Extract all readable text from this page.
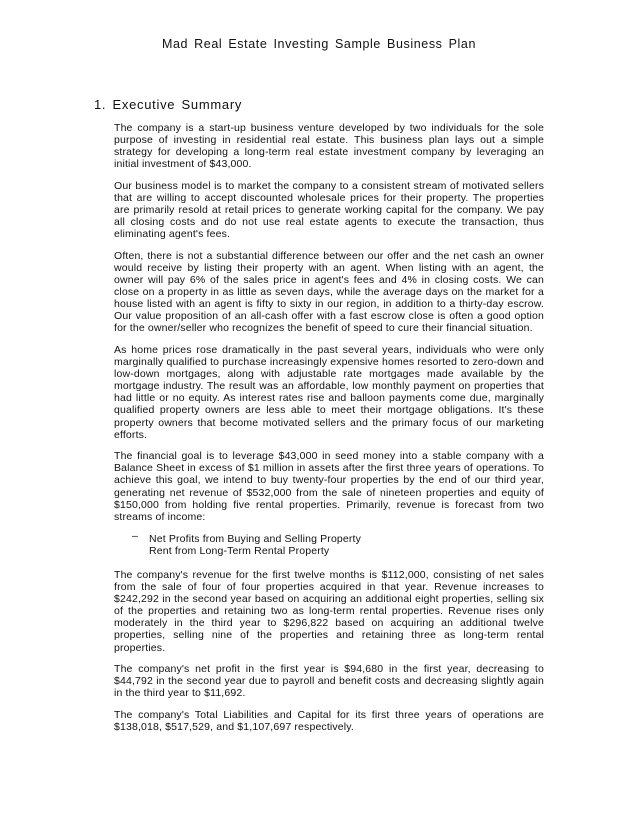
Mad Real Estate Investing Sample Business Plan
1. Executive Summary

The company is a start-up business venture developed by two individuals for the sole purpose of investing in residential real estate. This business plan lays out a simple strategy for developing a long-term real estate investment company by leveraging an initial investment of $43,000.

Our business model is to market the company to a consistent stream of motivated sellers that are willing to accept discounted wholesale prices for their property. The properties are primarily resold at retail prices to generate working capital for the company. We pay all closing costs and do not use real estate agents to execute the transaction, thus eliminating agent's fees.

Often, there is not a substantial difference between our offer and the net cash an owner would receive by listing their property with an agent. When listing with an agent, the owner will pay 6% of the sales price in agent's fees and 4% in closing costs. We can close on a property in as little as seven days, while the average days on the market for a house listed with an agent is fifty to sixty in our region, in addition to a thirty-day escrow. Our value proposition of an all-cash offer with a fast escrow close is often a good option for the owner/seller who recognizes the benefit of speed to cure their financial situation.

As home prices rose dramatically in the past several years, individuals who were only marginally qualified to purchase increasingly expensive homes resorted to zero-down and low-down mortgages, along with adjustable rate mortgages made available by the mortgage industry. The result was an affordable, low monthly payment on properties that had little or no equity. As interest rates rise and balloon payments come due, marginally qualified property owners are less able to meet their mortgage obligations. It's these property owners that become motivated sellers and the primary focus of our marketing efforts.

The financial goal is to leverage $43,000 in seed money into a stable company with a Balance Sheet in excess of $1 million in assets after the first three years of operations. To achieve this goal, we intend to buy twenty-four properties by the end of our third year, generating net revenue of $532,000 from the sale of nineteen properties and equity of $150,000 from holding five rental properties. Primarily, revenue is forecast from two streams of income:

– Net Profits from Buying and Selling Property
Rent from Long-Term Rental Property

The company's revenue for the first twelve months is $112,000, consisting of net sales from the sale of four of four properties acquired in that year. Revenue increases to $242,292 in the second year based on acquiring an additional eight properties, selling six of the properties and retaining two as long-term rental properties. Revenue rises only moderately in the third year to $296,822 based on acquiring an additional twelve properties, selling nine of the properties and retaining three as long-term rental properties.

The company's net profit in the first year is $94,680 in the first year, decreasing to $44,792 in the second year due to payroll and benefit costs and decreasing slightly again in the third year to $11,692.

The company's Total Liabilities and Capital for its first three years of operations are $138,018, $517,529, and $1,107,697 respectively.
